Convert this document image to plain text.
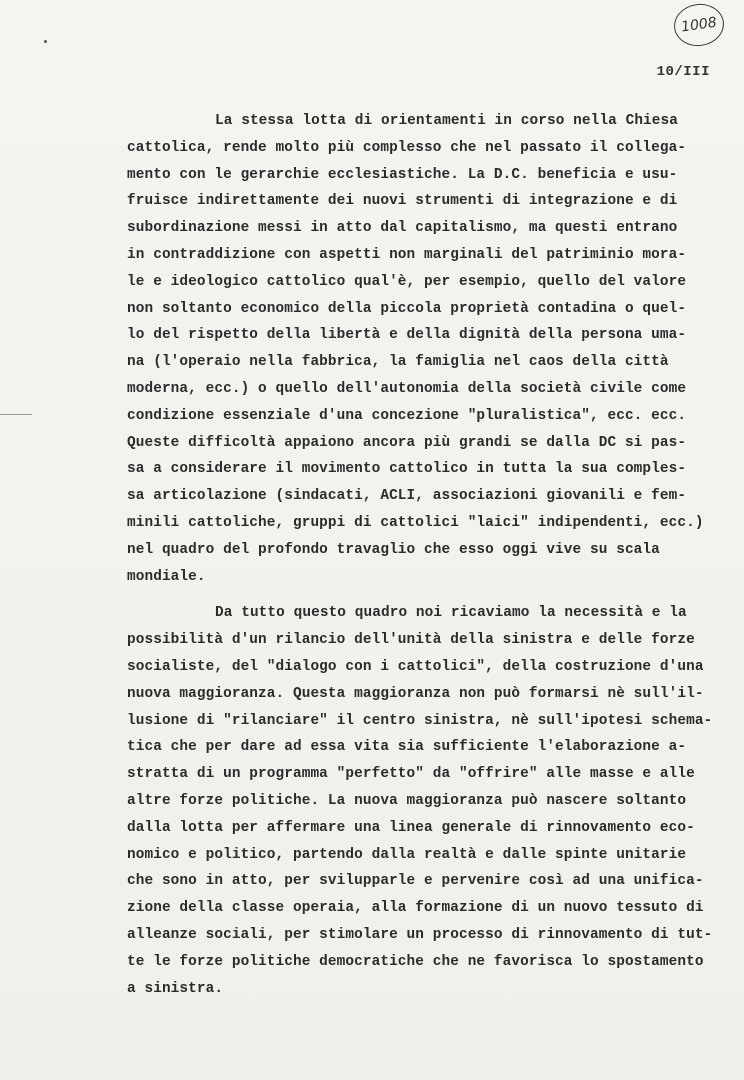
1008
10/III
La stessa lotta di orientamenti in corso nella Chiesa
cattolica, rende molto più complesso che nel passato il collega-
mento con le gerarchie ecclesiastiche. La D.C. beneficia e usu-
fruisce indirettamente dei nuovi strumenti di integrazione e di
subordinazione messi in atto dal capitalismo, ma questi entrano
in contraddizione con aspetti non marginali del patriminio mora-
le e ideologico cattolico qual'è, per esempio, quello del valore
non soltanto economico della piccola proprietà contadina o quel-
lo del rispetto della libertà e della dignità della persona uma-
na (l'operaio nella fabbrica, la famiglia nel caos della città
moderna, ecc.) o quello dell'autonomia della società civile come
condizione essenziale d'una concezione "pluralistica", ecc. ecc.
Queste difficoltà appaiono ancora più grandi se dalla DC si pas-
sa a considerare il movimento cattolico in tutta la sua comples-
sa articolazione (sindacati, ACLI, associazioni giovanili e fem-
minili cattoliche, gruppi di cattolici "laici" indipendenti, ecc.)
nel quadro del profondo travaglio che esso oggi vive su scala
mondiale.
Da tutto questo quadro noi ricaviamo la necessità e la
possibilità d'un rilancio dell'unità della sinistra e delle forze
socialiste, del "dialogo con i cattolici", della costruzione d'una
nuova maggioranza. Questa maggioranza non può formarsi nè sull'il-
lusione di "rilanciare" il centro sinistra, nè sull'ipotesi schema-
tica che per dare ad essa vita sia sufficiente l'elaborazione a-
stratta di un programma "perfetto" da "offrire" alle masse e alle
altre forze politiche. La nuova maggioranza può nascere soltanto
dalla lotta per affermare una linea generale di rinnovamento eco-
nomico e politico, partendo dalla realtà e dalle spinte unitarie
che sono in atto, per svilupparle e pervenire così ad una unifica-
zione della classe operaia, alla formazione di un nuovo tessuto di
alleanze sociali, per stimolare un processo di rinnovamento di tut-
te le forze politiche democratiche che ne favorisca lo spostamento
a sinistra.
